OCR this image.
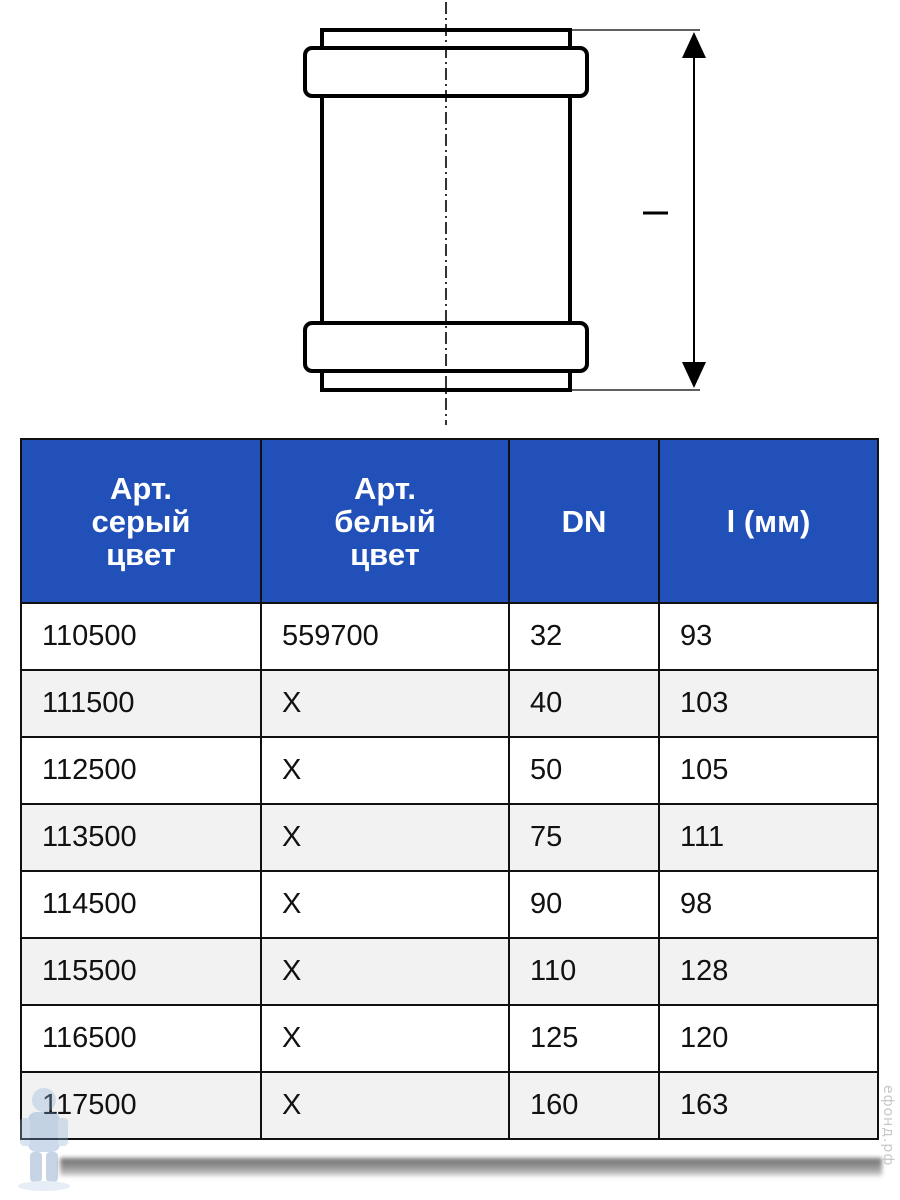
l
Арт.
серый
цвет	Арт.
белый
цвет	DN	l (мм)
110500	559700	32	93
111500	X	40	103
112500	X	50	105
113500	X	75	111
114500	X	90	98
115500	X	110	128
116500	X	125	120
117500	X	160	163	ефонд.рф
